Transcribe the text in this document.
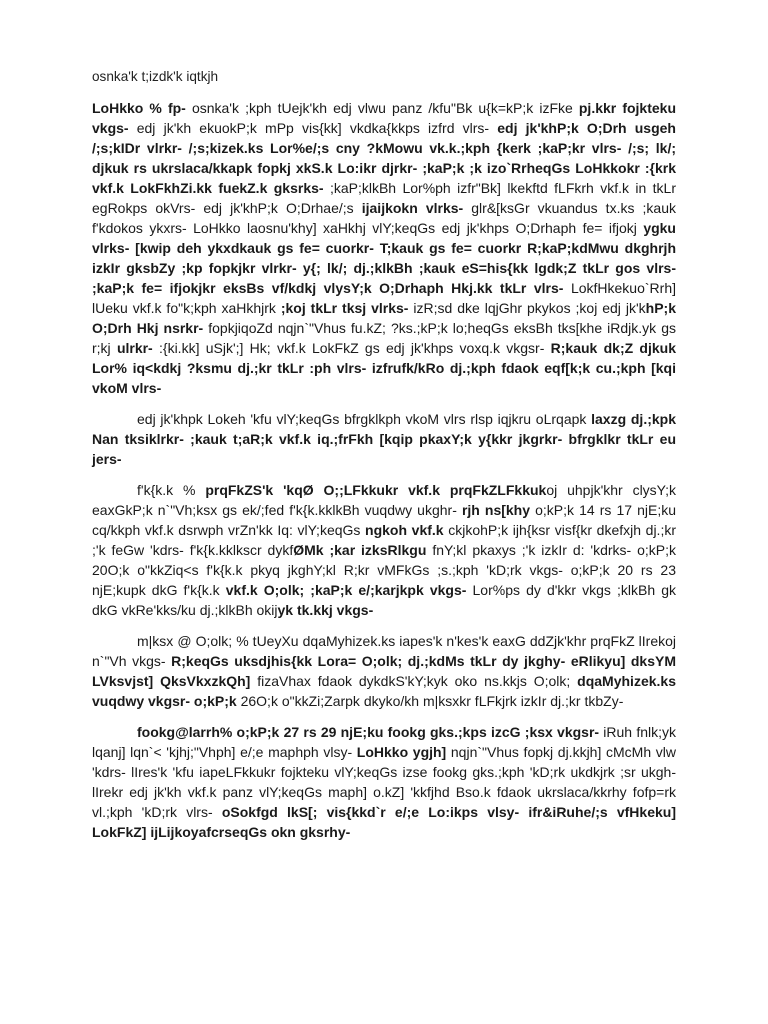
osnka'k t;izdk'k iqtkjh

LoHkko % fp- osnka'k ;kph tUejk'kh edj vlwu panz /kfu"Bk u{k=kP;k izFke pj.kkr fojkteku vkgs- edj jk'kh ekuokP;k mPp vis{kk] vkdka{kkps izfrd vlrs- edj jk'khP;k O;Drh usgeh /;s;kIDr vlrkr- /;s;kizek.ks Lor%e/;s cny ?kMowu vk.k.;kph {kerk ;kaP;kr vlrs- /;s; lk/; djkuk rs ukrslaca/kkapk fopkj xkS.k Lo:ikr djrkr- ;kaP;k ;k izo`RrheqGs LoHkkokr :{krk vkf.k LokFkhZi.kk fuekZ.k gksrks- ;kaP;klkBh Lor%ph izfr"Bk] lkekftd fLFkrh vkf.k in tkLr egRokps okVrs- edj jk'khP;k O;Drhae/;s ijaijkokn vlrks- glr&[ksGr vkuandus tx.ks ;kauk f'kdokos ykxrs- LoHkko laosnu'khy] xaHkhj vlY;keqGs edj jk'khps O;Drhaph fe= ifjokj ygku vlrks- [kwip deh ykxdkauk gs fe= cuorkr- T;kauk gs fe= cuorkr R;kaP;kdMwu dkghrjh izkIr gksbZy ;kp fopkjkr vlrkr- y{; lk/; dj.;klkBh ;kauk eS=his{kk lgdk;Z tkLr gos vlrs- ;kaP;k fe= ifjokjkr eksBs vf/kdkj vlysY;k O;Drhaph Hkj.kk tkLr vlrs- LokfHkekuo`Rrh] lUeku vkf.k fo"k;kph xaHkhjrk ;koj tkLr tksj vlrks- izR;sd dke lqjGhr pkykos ;koj edj jk'khP;k O;Drh Hkj nsrkr- fopkjiqoZd nqjn`"Vhus fu.kZ; ?ks.;kP;k lo;heqGs eksBh tks[khe iRdjk.yk gs r;kj ulrkr- :{ki.kk] uSjk';] Hk; vkf.k LokFkZ gs edj jk'khps voxq.k vkgsr- R;kauk dk;Z djkuk Lor% iq<kdkj ?ksmu dj.;kr tkLr :ph vlrs- izfrufk/kRo dj.;kph fdaok eqf[k;k cu.;kph [kqi vkoM vlrs-

edj jk'khpk Lokeh 'kfu vlY;keqGs bfrgklkph vkoM vlrs rlsp iqjkru oLrqapk laxzg dj.;kpk Nan tksiklrkr- ;kauk t;aR;k vkf.k iq.;frFkh [kqip pkaxY;k y{kkr jkgrkr- bfrgklkr tkLr eu jers-

f'k{k.k % prqFkZS'k 'kqØ O;;LFkkukr vkf.k prqFkZLFkkukoj uhpjk'khr clysY;k eaxGkP;k n`"Vh;ksx gs ek/;fed f'k{k.kklkBh vuqdwy ukghr- rjh ns[khy o;kP;k 14 rs 17 njE;ku cq/kkph vkf.k dsrwph vrZn'kk Iq: vlY;keqGs ngkoh vkf.k ckjkohP;k ijh{ksr visf{kr dkefxjh dj.;kr ;'k feGw 'kdrs- f'k{k.kklkscr dykfØMk ;kar izksRlkgu fnY;kl pkaxys ;'k izkIr d: 'kdrks- o;kP;k 20O;k o"kkZiq<s f'k{k.k pkyq jkghY;kl R;kr vMFkGs ;s.;kph 'kD;rk vkgs- o;kP;k 20 rs 23 njE;kupk dkG f'k{k.k vkf.k O;olk; ;kaP;k e/;karjkpk vkgs- Lor%ps dy d'kkr vkgs ;klkBh gk dkG vkRe'kks/ku dj.;klkBh okijyk tk.kkj vkgs-

m|ksx @ O;olk; % tUeyXu dqaMyhizek.ks iapes'k n'kes'k eaxG ddZjk'khr prqFkZ lIrekoj n`"Vh vkgs- R;keqGs uksdjhis{kk Lora= O;olk; dj.;kdMs tkLr dy jkghy- eRlikyu] dksYM LVksvjst] QksVkxzkQh] fizaVhax fdaok dykdkS'kY;kyk oko ns.kkjs O;olk; dqaMyhizek.ks vuqdwy vkgsr- o;kP;k 26O;k o"kkZi;Zarpk dkyko/kh m|ksxkr fLFkjrk izkIr dj.;kr tkbZy-

fookg@larrh% o;kP;k 27 rs 29 njE;ku fookg gks.;kps izcG ;ksx vkgsr- iRuh fnlk;yk lqanj] lqn`< 'kjhj;"Vhph] e/;e maphph vlsy- LoHkko ygjh] nqjn`"Vhus fopkj dj.kkjh] cMcMh vlw 'kdrs- lIres'k 'kfu iapeLFkkukr fojkteku vlY;keqGs izse fookg gks.;kph 'kD;rk ukdkjrk ;sr ukgh- lIrekr edj jk'kh vkf.k panz vlY;keqGs maph] o.kZ] 'kkfjhd Bso.k fdaok ukrslaca/kkrhy fofp=rk vl.;kph 'kD;rk vlrs- oSokfgd lkS[; vis{kkd`r e/;e Lo:ikps vlsy- ifr&iRuhe/;s vfHkeku] LokFkZ] ijLijkoyafcrseqGs okn gksrhy-
